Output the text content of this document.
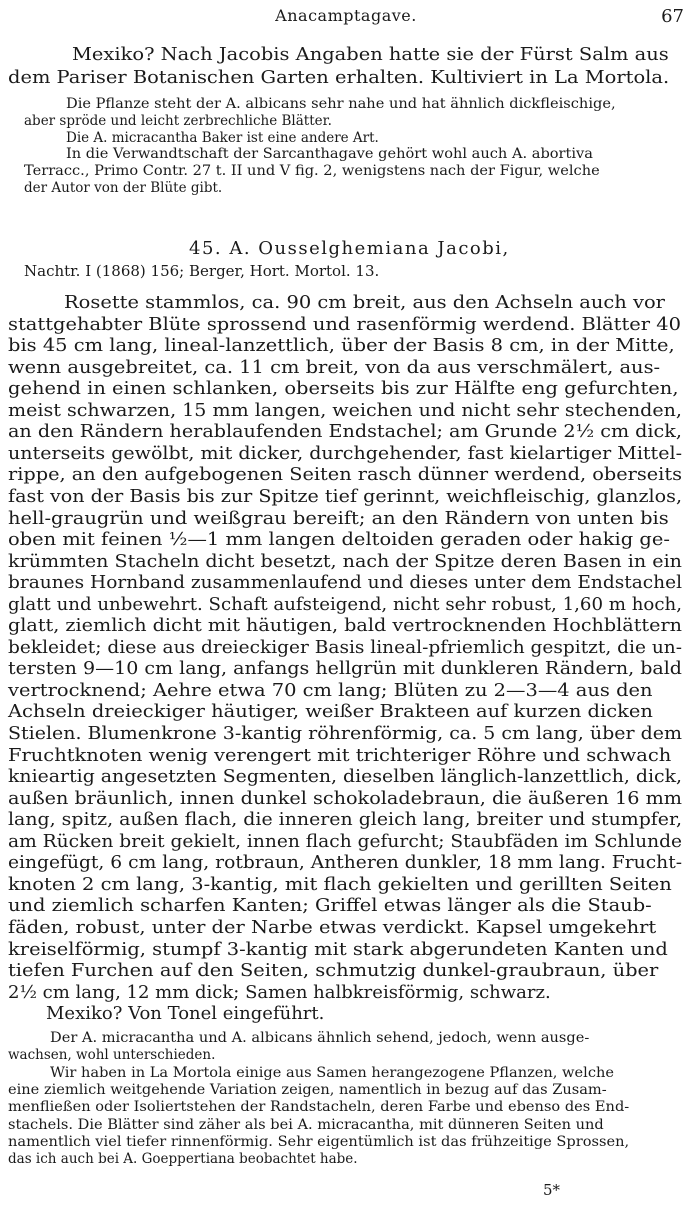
Anacamptagave.	67
Mexiko? Nach Jacobis Angaben hatte sie der Fürst Salm aus
dem Pariser Botanischen Garten erhalten. Kultiviert in La Mortola.
Die Pflanze steht der A. albicans sehr nahe und hat ähnlich dickfleischige,
aber spröde und leicht zerbrechliche Blätter.
Die A. micracantha Baker ist eine andere Art.
In die Verwandtschaft der Sarcanthagave gehört wohl auch A. abortiva
Terracc., Primo Contr. 27 t. II und V fig. 2, wenigstens nach der Figur, welche
der Autor von der Blüte gibt.
45. A. Ousselghemiana Jacobi,
Nachtr. I (1868) 156; Berger, Hort. Mortol. 13.
Rosette stammlos, ca. 90 cm breit, aus den Achseln auch vor
stattgehabter Blüte sprossend und rasenförmig werdend. Blätter 40
bis 45 cm lang, lineal-lanzettlich, über der Basis 8 cm, in der Mitte,
wenn ausgebreitet, ca. 11 cm breit, von da aus verschmälert, aus-
gehend in einen schlanken, oberseits bis zur Hälfte eng gefurchten,
meist schwarzen, 15 mm langen, weichen und nicht sehr stechenden,
an den Rändern herablaufenden Endstachel; am Grunde 2½ cm dick,
unterseits gewölbt, mit dicker, durchgehender, fast kielartiger Mittel-
rippe, an den aufgebogenen Seiten rasch dünner werdend, oberseits
fast von der Basis bis zur Spitze tief gerinnt, weichfleischig, glanzlos,
hell-graugrün und weißgrau bereift; an den Rändern von unten bis
oben mit feinen ½—1 mm langen deltoiden geraden oder hakig ge-
krümmten Stacheln dicht besetzt, nach der Spitze deren Basen in ein
braunes Hornband zusammenlaufend und dieses unter dem Endstachel
glatt und unbewehrt. Schaft aufsteigend, nicht sehr robust, 1,60 m hoch,
glatt, ziemlich dicht mit häutigen, bald vertrocknenden Hochblättern
bekleidet; diese aus dreieckiger Basis lineal-pfriemlich gespitzt, die un-
tersten 9—10 cm lang, anfangs hellgrün mit dunkleren Rändern, bald
vertrocknend; Aehre etwa 70 cm lang; Blüten zu 2—3—4 aus den
Achseln dreieckiger häutiger, weißer Brakteen auf kurzen dicken
Stielen. Blumenkrone 3-kantig röhrenförmig, ca. 5 cm lang, über dem
Fruchtknoten wenig verengert mit trichteriger Röhre und schwach
kniеartig angesetzten Segmenten, dieselben länglich-lanzettlich, dick,
außen bräunlich, innen dunkel schokoladebraun, die äußeren 16 mm
lang, spitz, außen flach, die inneren gleich lang, breiter und stumpfer,
am Rücken breit gekielt, innen flach gefurcht; Staubfäden im Schlunde
eingefügt, 6 cm lang, rotbraun, Antheren dunkler, 18 mm lang. Frucht-
knoten 2 cm lang, 3-kantig, mit flach gekielten und gerillten Seiten
und ziemlich scharfen Kanten; Griffel etwas länger als die Staub-
fäden, robust, unter der Narbe etwas verdickt. Kapsel umgekehrt
kreiselförmig, stumpf 3-kantig mit stark abgerundeten Kanten und
tiefen Furchen auf den Seiten, schmutzig dunkel-graubraun, über
2½ cm lang, 12 mm dick; Samen halbkreisförmig, schwarz.
Mexiko? Von Tonel eingeführt.
Der A. micracantha und A. albicans ähnlich sehend, jedoch, wenn ausge-
wachsen, wohl unterschieden.
Wir haben in La Mortola einige aus Samen herangezogene Pflanzen, welche
eine ziemlich weitgehende Variation zeigen, namentlich in bezug auf das Zusam-
menfließen oder Isoliertstehen der Randstacheln, deren Farbe und ebenso des End-
stachels. Die Blätter sind zäher als bei A. micracantha, mit dünneren Seiten und
namentlich viel tiefer rinnenförmig. Sehr eigentümlich ist das frühzeitige Sprossen,
das ich auch bei A. Goeppertiana beobachtet habe.
5*
